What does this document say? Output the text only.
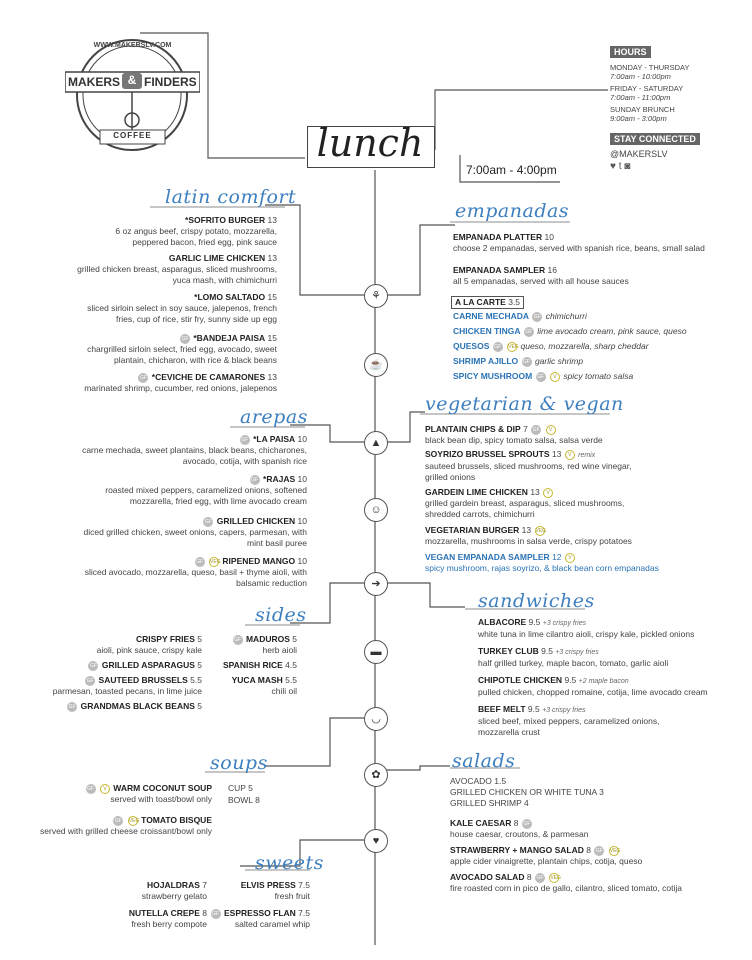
WWW.MAKERSLV.COM
MAKERS & FINDERS
COFFEE	lunch
7:00am - 4:00pm
HOURS
MONDAY - THURSDAY
7:00am - 10:00pm
FRIDAY - SATURDAY
7:00am - 11:00pm
SUNDAY BRUNCH
9:00am - 3:00pm
STAY CONNECTED
@MAKERSLV
♥ t ◙
⚘
☕
▲
☺
➔
▬
◡
✿
♥
latin comfort
*SOFRITO BURGER 13
6 oz angus beef, crispy potato, mozzarella, peppered bacon, fried egg, pink sauce
GARLIC LIME CHICKEN 13
grilled chicken breast, asparagus, sliced mushrooms, yuca mash, with chimichurri
*LOMO SALTADO 15
sliced sirloin select in soy sauce, jalepenos, french fries, cup of rice, stir fry, sunny side up egg
GF *BANDEJA PAISA 15
chargrilled sirloin select, fried egg, avocado, sweet plantain, chicharon, with rice & black beans
GF *CEVICHE DE CAMARONES 13
marinated shrimp, cucumber, red onions, jalepenos
empanadas
EMPANADA PLATTER 10
choose 2 empanadas, served with spanish rice, beans, small salad
EMPANADA SAMPLER 16
all 5 empanadas, served with all house sauces
A LA CARTE 3.5
CARNE MECHADA GF chimichurri
CHICKEN TINGA GF lime avocado cream, pink sauce, queso
QUESOS GF VEG queso, mozzarella, sharp cheddar
SHRIMP AJILLO GF garlic shrimp
SPICY MUSHROOM GF V spicy tomato salsa
arepas
GF *LA PAISA 10
carne mechada, sweet plantains, black beans, chicharones, avocado, cotija, with spanish rice
GF *RAJAS 10
roasted mixed peppers, caramelized onions, softened mozzarella, fried egg, with lime avocado cream
GF GRILLED CHICKEN 10
diced grilled chicken, sweet onions, capers, parmesan, with mint basil puree
GF VEG RIPENED MANGO 10
sliced avocado, mozzarella, queso, basil + thyme aioli, with balsamic reduction
vegetarian & vegan
PLANTAIN CHIPS & DIP 7 GF V
black bean dip, spicy tomato salsa, salsa verde
SOYRIZO BRUSSEL SPROUTS 13 V remix
sauteed brussels, sliced mushrooms, red wine vinegar, grilled onions
GARDEIN LIME CHICKEN 13 V
grilled gardein breast, asparagus, sliced mushrooms, shredded carrots, chimichurri
VEGETARIAN BURGER 13 VEG
mozzarella, mushrooms in salsa verde, crispy potatoes
VEGAN EMPANADA SAMPLER 12 V
spicy mushroom, rajas soyrizo, & black bean corn empanadas
sides
CRISPY FRIES 5
aioli, pink sauce, crispy kale
GF GRILLED ASPARAGUS 5
GF SAUTEED BRUSSELS 5.5
parmesan, toasted pecans, in lime juice
GF GRANDMAS BLACK BEANS 5
GF MADUROS 5
herb aioli
SPANISH RICE 4.5
YUCA MASH 5.5
chili oil
sandwiches
ALBACORE 9.5 +3 crispy fries
white tuna in lime cilantro aioli, crispy kale, pickled onions
TURKEY CLUB 9.5 +3 crispy fries
half grilled turkey, maple bacon, tomato, garlic aioli
CHIPOTLE CHICKEN 9.5 +2 maple bacon
pulled chicken, chopped romaine, cotija, lime avocado cream
BEEF MELT 9.5 +3 crispy fries
sliced beef, mixed peppers, caramelized onions, mozzarella crust
soups
GF V WARM COCONUT SOUP
served with toast/bowl only
GF VEG TOMATO BISQUE
served with grilled cheese croissant/bowl only
CUP 5
BOWL 8
salads
AVOCADO 1.5
GRILLED CHICKEN OR WHITE TUNA 3
GRILLED SHRIMP 4
KALE CAESAR 8 GF
house caesar, croutons, & parmesan
STRAWBERRY + MANGO SALAD 8 GF VEG
apple cider vinaigrette, plantain chips, cotija, queso
AVOCADO SALAD 8 GF VEG
fire roasted corn in pico de gallo, cilantro, sliced tomato, cotija
sweets
HOJALDRAS 7
strawberry gelato
NUTELLA CREPE 8
fresh berry compote
ELVIS PRESS 7.5
fresh fruit
GF ESPRESSO FLAN 7.5
salted caramel whip
